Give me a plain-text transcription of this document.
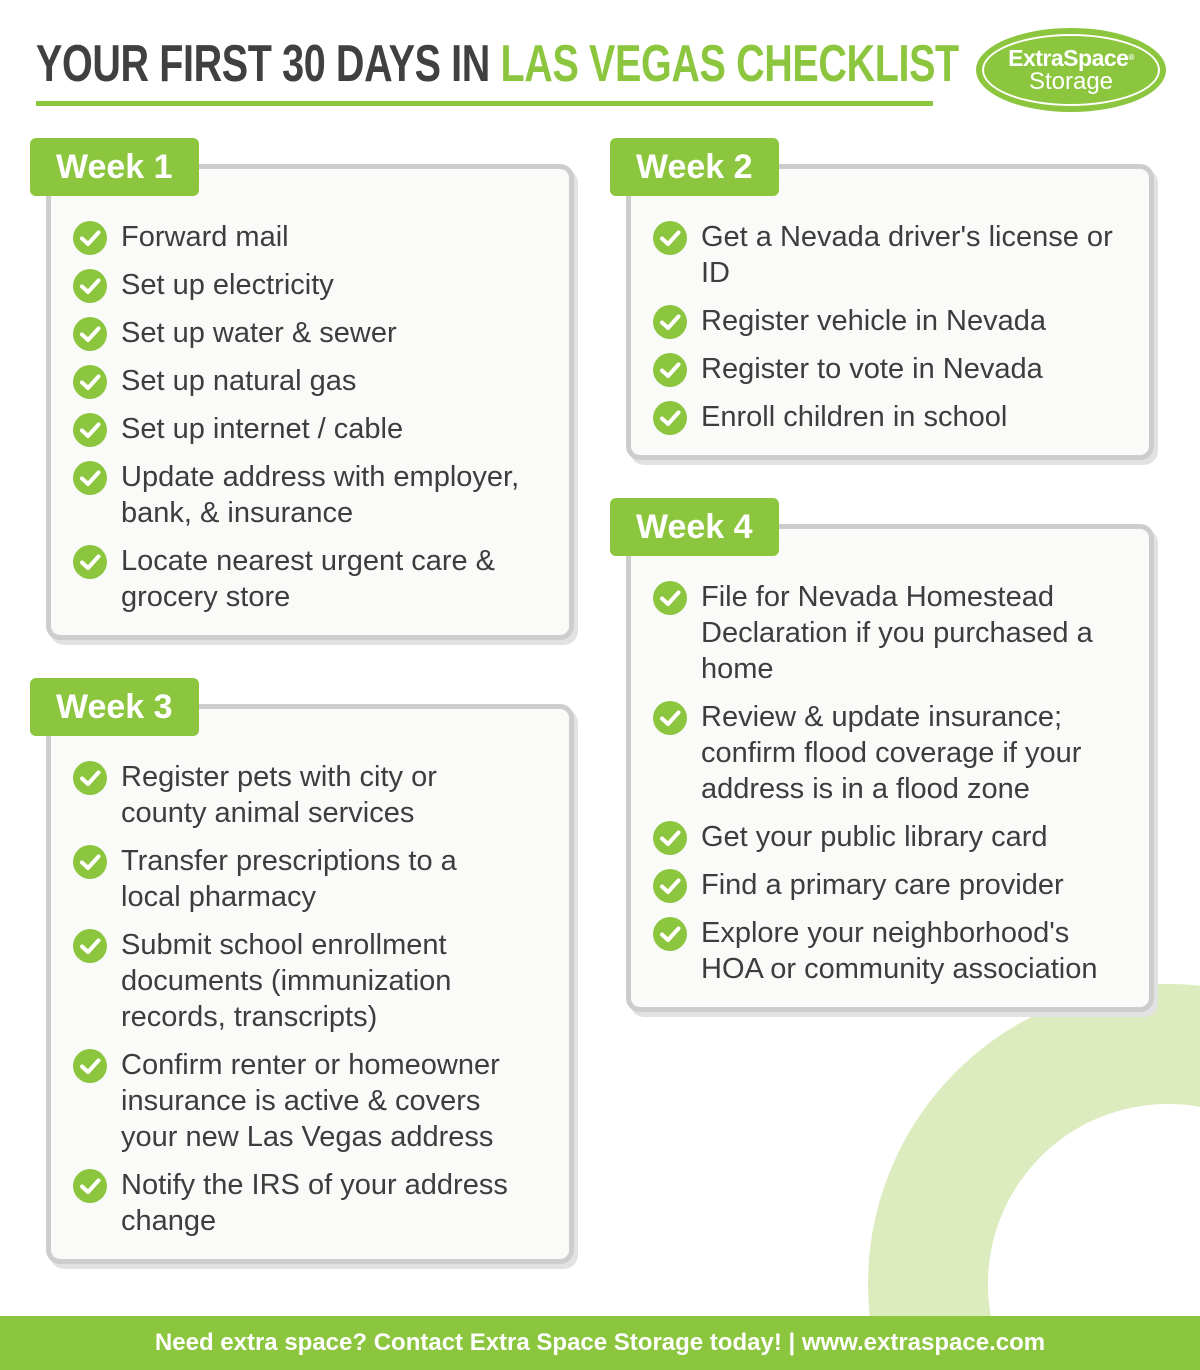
YOUR FIRST 30 DAYS IN LAS VEGAS CHECKLIST ExtraSpace®
Storage
Forward mail
Set up electricity
Set up water & sewer
Set up natural gas
Set up internet / cable
Update address with employer, bank, & insurance
Locate nearest urgent care & grocery store
Week 1
Get a Nevada driver's license or ID
Register vehicle in Nevada
Register to vote in Nevada
Enroll children in school
Week 2
Register pets with city or county animal services
Transfer prescriptions to a local pharmacy
Submit school enrollment documents (immunization records, transcripts)
Confirm renter or homeowner insurance is active & covers your new Las Vegas address
Notify the IRS of your address change
Week 3
File for Nevada Homestead Declaration if you purchased a home
Review & update insurance; confirm flood coverage if your address is in a flood zone
Get your public library card
Find a primary care provider
Explore your neighborhood's HOA or community association
Week 4
Need extra space? Contact Extra Space Storage today! | www.extraspace.com
